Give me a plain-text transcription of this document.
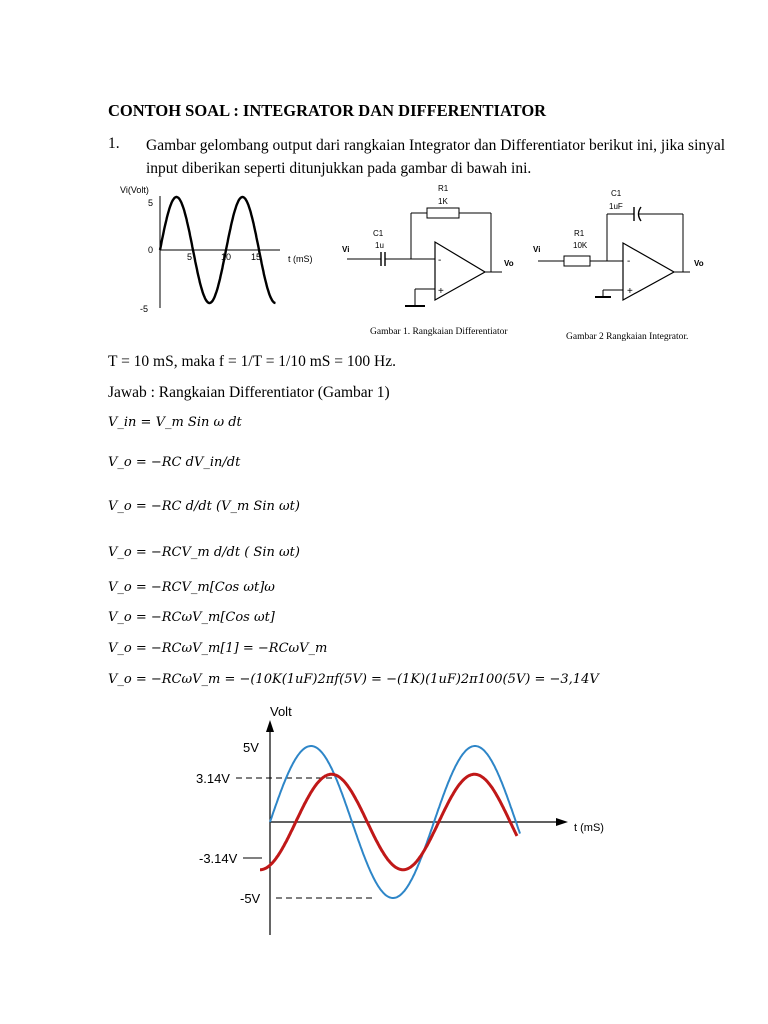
CONTOH SOAL : INTEGRATOR DAN DIFFERENTIATOR
1. Gambar gelombang output dari rangkaian Integrator dan Differentiator berikut ini, jika sinyal input diberikan seperti ditunjukkan pada gambar di bawah ini.
Vi(Volt)
5
0
-5
5	10 15	t (mS)
R1
1K
-
+
C1
1u
Vi
Vo
Gambar 1. Rangkaian Differentiator
C1
1uF
-
+
R1
10K
Vi
Vo
Gambar 2 Rangkaian Integrator.
T = 10 mS, maka f = 1/T = 1/10 mS = 100 Hz.
Jawab : Rangkaian Differentiator (Gambar 1)
V_in = V_m Sin ω dt
V_o = −RC dV_in/dt
V_o = −RC d/dt (V_m Sin ωt)
V_o = −RCV_m d/dt ( Sin ωt)
V_o = −RCV_m[Cos ωt]ω
V_o = −RCωV_m[Cos ωt]
V_o = −RCωV_m[1] = −RCωV_m
V_o = −RCωV_m = −(10K(1uF)2πf(5V) = −(1K)(1uF)2π100(5V) = −3,14V
Volt
t (mS)
5V
3.14V
-3.14V
-5V
